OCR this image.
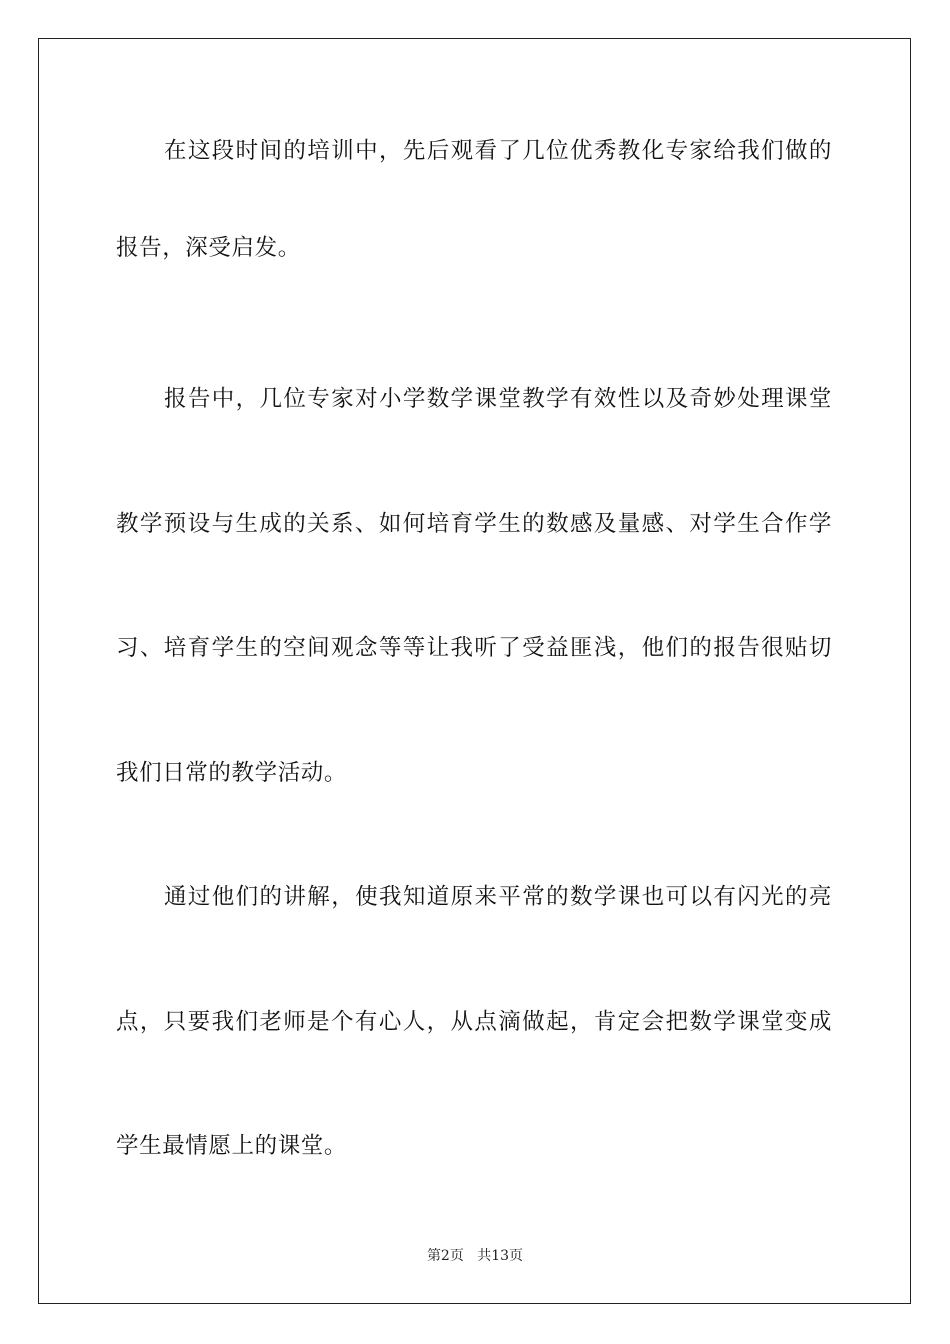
在这段时间的培训中，先后观看了几位优秀教化专家给我们做的
报告，深受启发。
报告中，几位专家对小学数学课堂教学有效性以及奇妙处理课堂
教学预设与生成的关系、如何培育学生的数感及量感、对学生合作学
习、培育学生的空间观念等等让我听了受益匪浅，他们的报告很贴切
我们日常的教学活动。
通过他们的讲解，使我知道原来平常的数学课也可以有闪光的亮
点，只要我们老师是个有心人，从点滴做起，肯定会把数学课堂变成
学生最情愿上的课堂。
第2页 共13页
